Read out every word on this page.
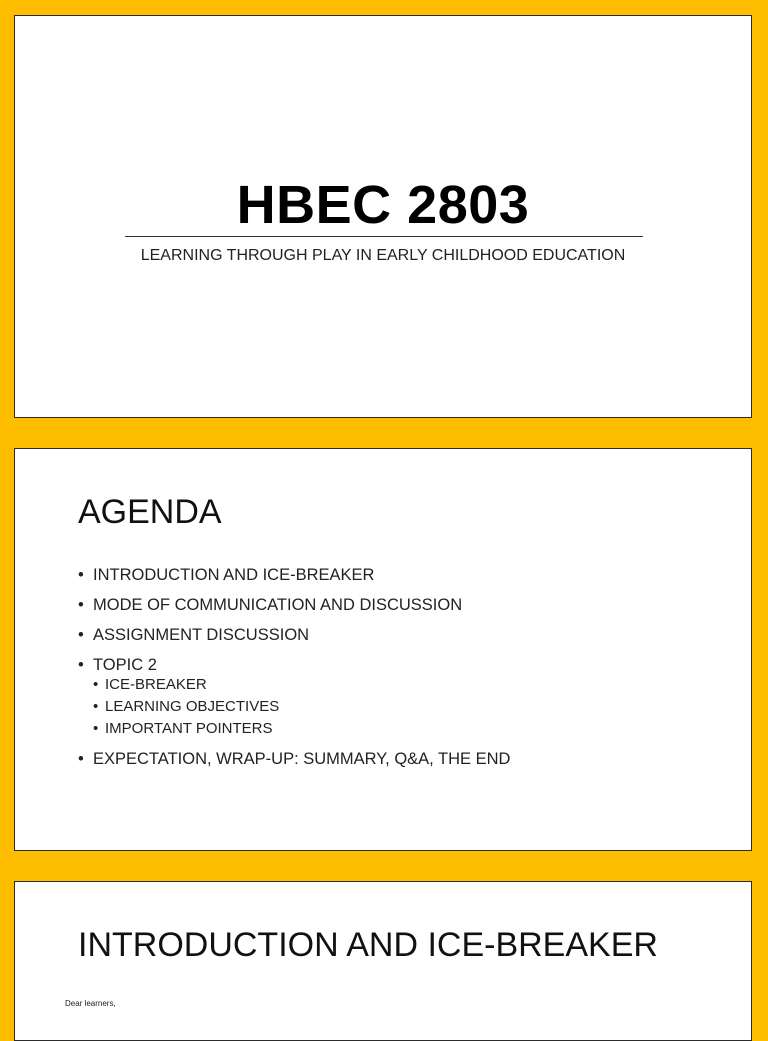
HBEC 2803
LEARNING THROUGH PLAY IN EARLY CHILDHOOD EDUCATION
AGENDA
• INTRODUCTION AND ICE-BREAKER
• MODE OF COMMUNICATION AND DISCUSSION
• ASSIGNMENT DISCUSSION
• TOPIC 2
• ICE-BREAKER
• LEARNING OBJECTIVES
• IMPORTANT POINTERS
• EXPECTATION, WRAP-UP: SUMMARY, Q&A, THE END
INTRODUCTION AND ICE-BREAKER
Dear learners,
